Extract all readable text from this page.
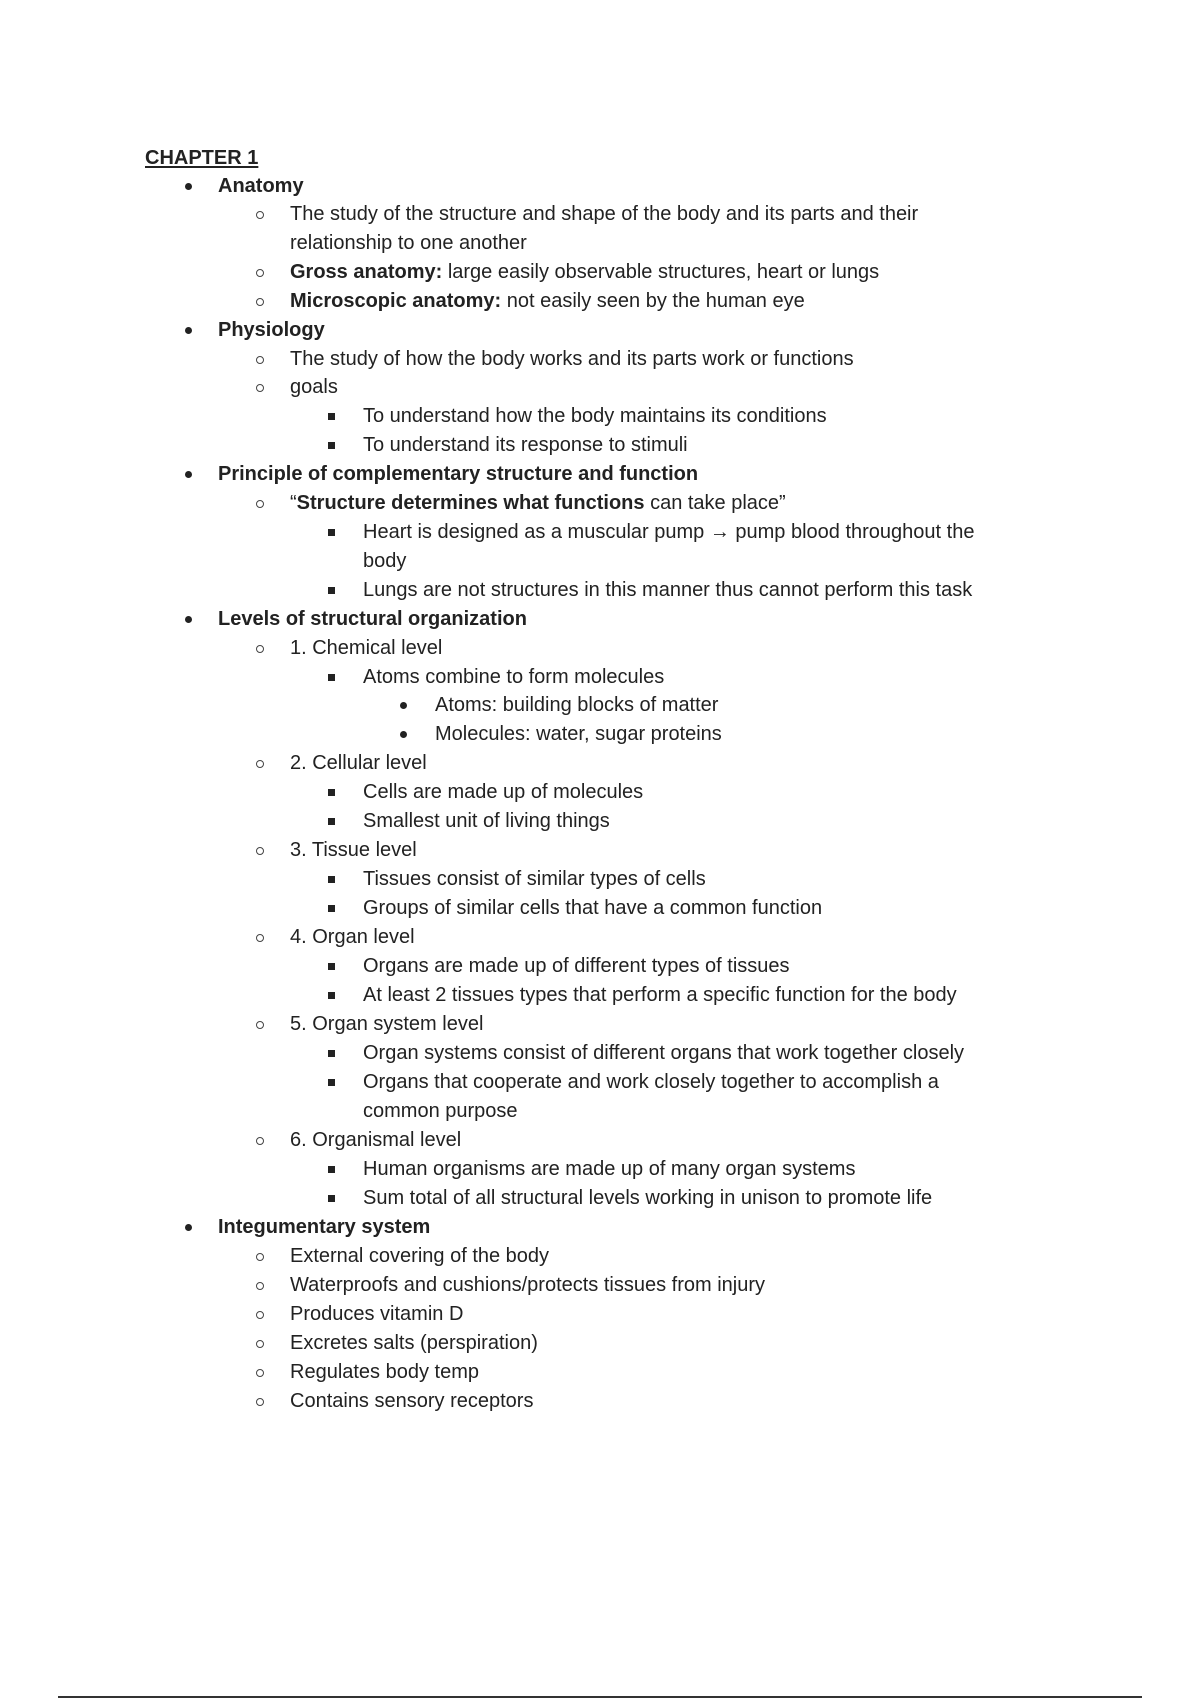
CHAPTER 1
Anatomy
The study of the structure and shape of the body and its parts and their
relationship to one another
Gross anatomy: large easily observable structures, heart or lungs
Microscopic anatomy: not easily seen by the human eye
Physiology
The study of how the body works and its parts work or functions
goals
To understand how the body maintains its conditions
To understand its response to stimuli
Principle of complementary structure and function
“Structure determines what functions can take place”
Heart is designed as a muscular pump → pump blood throughout the
body
Lungs are not structures in this manner thus cannot perform this task
Levels of structural organization
1. Chemical level
Atoms combine to form molecules
Atoms: building blocks of matter
Molecules: water, sugar proteins
2. Cellular level
Cells are made up of molecules
Smallest unit of living things
3. Tissue level
Tissues consist of similar types of cells
Groups of similar cells that have a common function
4. Organ level
Organs are made up of different types of tissues
At least 2 tissues types that perform a specific function for the body
5. Organ system level
Organ systems consist of different organs that work together closely
Organs that cooperate and work closely together to accomplish a
common purpose
6. Organismal level
Human organisms are made up of many organ systems
Sum total of all structural levels working in unison to promote life
Integumentary system
External covering of the body
Waterproofs and cushions/protects tissues from injury
Produces vitamin D
Excretes salts (perspiration)
Regulates body temp
Contains sensory receptors
